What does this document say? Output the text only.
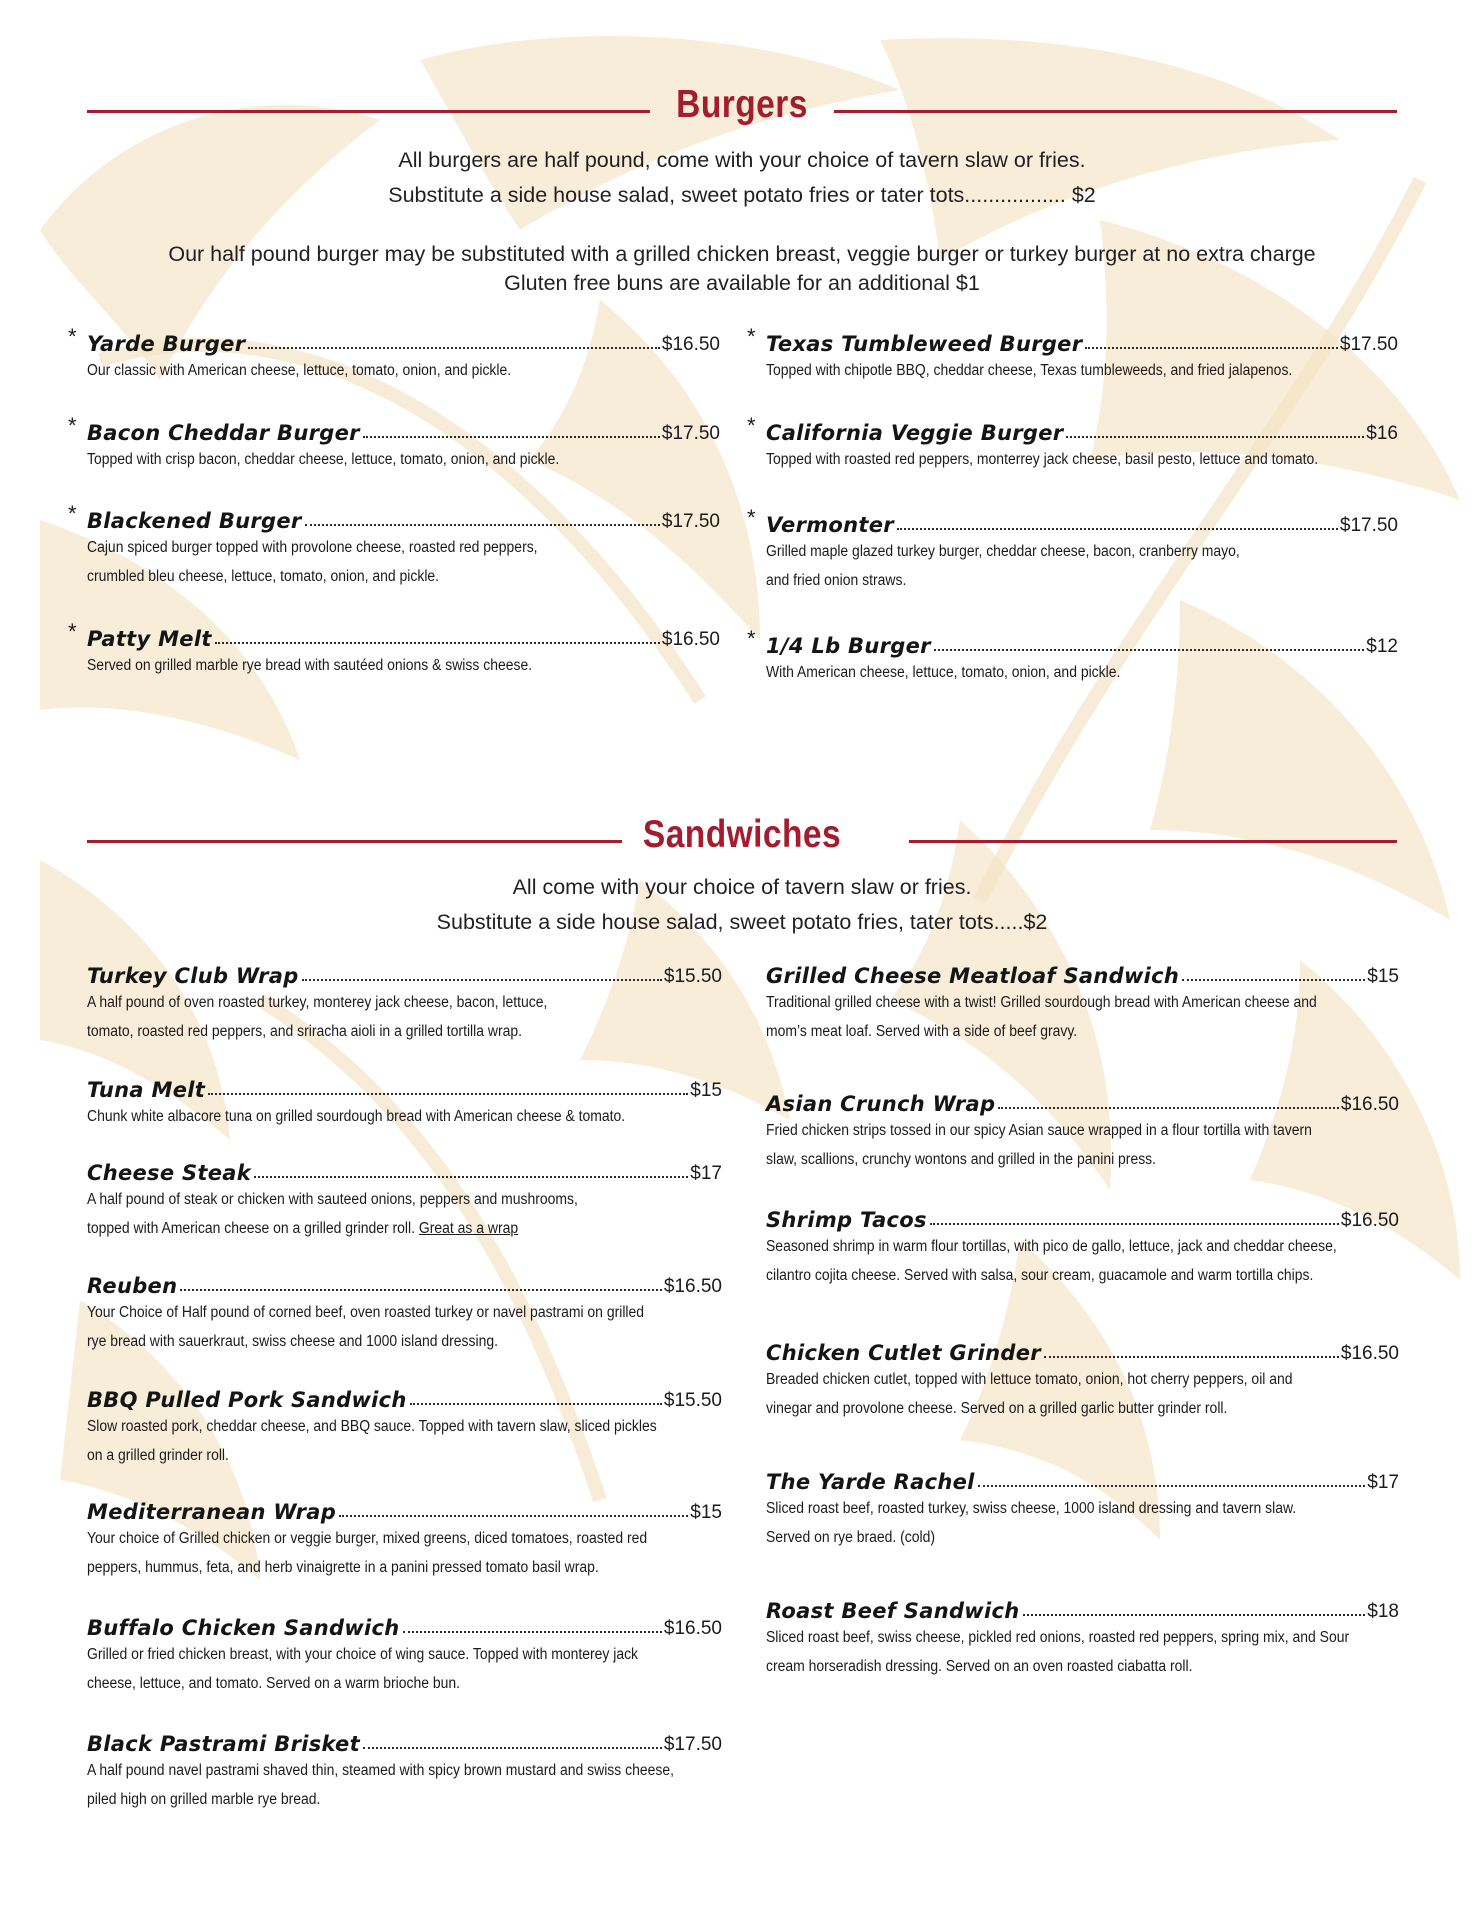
Burgers
All burgers are half pound, come with your choice of tavern slaw or fries.
Substitute a side house salad, sweet potato fries or tater tots................. $2
Our half pound burger may be substituted with a grilled chicken breast, veggie burger or turkey burger at no extra charge
Gluten free buns are available for an additional $1
* Yarde Burger	$16.50
Our classic with American cheese, lettuce, tomato, onion, and pickle.
* Bacon Cheddar Burger	$17.50
Topped with crisp bacon, cheddar cheese, lettuce, tomato, onion, and pickle.
* Blackened Burger	$17.50
Cajun spiced burger topped with provolone cheese, roasted red peppers,
crumbled bleu cheese, lettuce, tomato, onion, and pickle.
* Patty Melt	$16.50
Served on grilled marble rye bread with sautéed onions & swiss cheese.
* Texas Tumbleweed Burger	$17.50
Topped with chipotle BBQ, cheddar cheese, Texas tumbleweeds, and fried jalapenos.
* California Veggie Burger	$16
Topped with roasted red peppers, monterrey jack cheese, basil pesto, lettuce and tomato.
* Vermonter	$17.50
Grilled maple glazed turkey burger, cheddar cheese, bacon, cranberry mayo,
and fried onion straws.
* 1/4 Lb Burger	$12
With American cheese, lettuce, tomato, onion, and pickle.
Sandwiches
All come with your choice of tavern slaw or fries.
Substitute a side house salad, sweet potato fries, tater tots.....$2
Turkey Club Wrap	$15.50
A half pound of oven roasted turkey, monterey jack cheese, bacon, lettuce,
tomato, roasted red peppers, and sriracha aioli in a grilled tortilla wrap.
Tuna Melt	$15
Chunk white albacore tuna on grilled sourdough bread with American cheese & tomato.
Cheese Steak	$17
A half pound of steak or chicken with sauteed onions, peppers and mushrooms,
topped with American cheese on a grilled grinder roll. Great as a wrap
Reuben	$16.50
Your Choice of Half pound of corned beef, oven roasted turkey or navel pastrami on grilled
rye bread with sauerkraut, swiss cheese and 1000 island dressing.
BBQ Pulled Pork Sandwich	$15.50
Slow roasted pork, cheddar cheese, and BBQ sauce. Topped with tavern slaw, sliced pickles
on a grilled grinder roll.
Mediterranean Wrap	$15
Your choice of Grilled chicken or veggie burger, mixed greens, diced tomatoes, roasted red
peppers, hummus, feta, and herb vinaigrette in a panini pressed tomato basil wrap.
Buffalo Chicken Sandwich	$16.50
Grilled or fried chicken breast, with your choice of wing sauce. Topped with monterey jack
cheese, lettuce, and tomato. Served on a warm brioche bun.
Black Pastrami Brisket	$17.50
A half pound navel pastrami shaved thin, steamed with spicy brown mustard and swiss cheese,
piled high on grilled marble rye bread.
Grilled Cheese Meatloaf Sandwich	$15
Traditional grilled cheese with a twist! Grilled sourdough bread with American cheese and
mom’s meat loaf. Served with a side of beef gravy.
Asian Crunch Wrap	$16.50
Fried chicken strips tossed in our spicy Asian sauce wrapped in a flour tortilla with tavern
slaw, scallions, crunchy wontons and grilled in the panini press.
Shrimp Tacos	$16.50
Seasoned shrimp in warm flour tortillas, with pico de gallo, lettuce, jack and cheddar cheese,
cilantro cojita cheese. Served with salsa, sour cream, guacamole and warm tortilla chips.
Chicken Cutlet Grinder	$16.50
Breaded chicken cutlet, topped with lettuce tomato, onion, hot cherry peppers, oil and
vinegar and provolone cheese. Served on a grilled garlic butter grinder roll.
The Yarde Rachel	$17
Sliced roast beef, roasted turkey, swiss cheese, 1000 island dressing and tavern slaw.
Served on rye braed. (cold)
Roast Beef Sandwich	$18
Sliced roast beef, swiss cheese, pickled red onions, roasted red peppers, spring mix, and Sour
cream horseradish dressing. Served on an oven roasted ciabatta roll.
